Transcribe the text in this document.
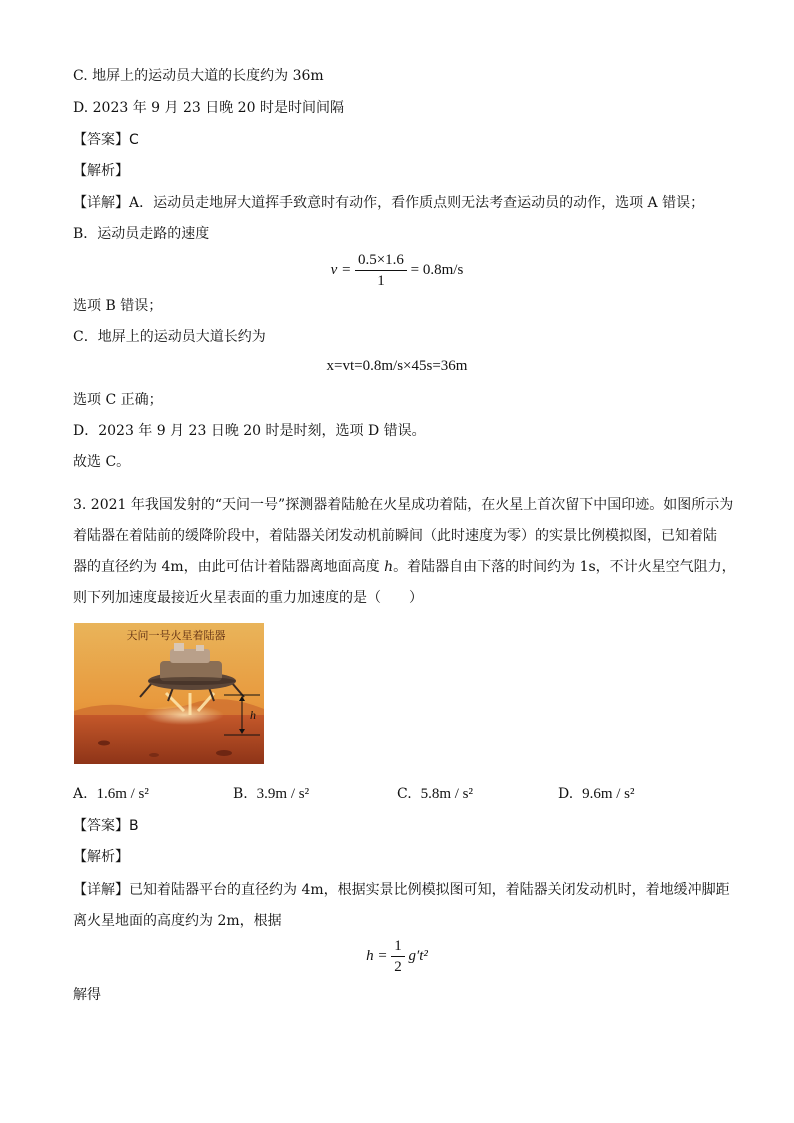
C. 地屏上的运动员大道的长度约为 36m
D. 2023 年 9 月 23 日晚 20 时是时间间隔
【答案】C
【解析】
【详解】A．运动员走地屏大道挥手致意时有动作，看作质点则无法考查运动员的动作，选项 A 错误；
B．运动员走路的速度
$v = \frac{0.5\times 1.6}{1} = 0.8m/s$
选项 B 错误；
C．地屏上的运动员大道长约为
x=vt=0.8m/s×45s=36m
选项 C 正确；
D．2023 年 9 月 23 日晚 20 时是时刻，选项 D 错误。
故选 C。
3. 2021 年我国发射的“天问一号”探测器着陆舱在火星成功着陆，在火星上首次留下中国印迹。如图所示为
着陆器在着陆前的缓降阶段中，着陆器关闭发动机前瞬间（此时速度为零）的实景比例模拟图，已知着陆
器的直径约为 4m，由此可估计着陆器离地面高度 h。着陆器自由下落的时间约为 1s，不计火星空气阻力，
则下列加速度最接近火星表面的重力加速度的是（　　）
h
天问一号火星着陆器
A. 1.6m / s²	B. 3.9m / s²	C. 5.8m / s²	D. 9.6m / s²
【答案】B
【解析】
【详解】已知着陆器平台的直径约为 4m，根据实景比例模拟图可知，着陆器关闭发动机时，着地缓冲脚距
离火星地面的高度约为 2m，根据
$h = \frac{1}{2} g't^2$
解得
